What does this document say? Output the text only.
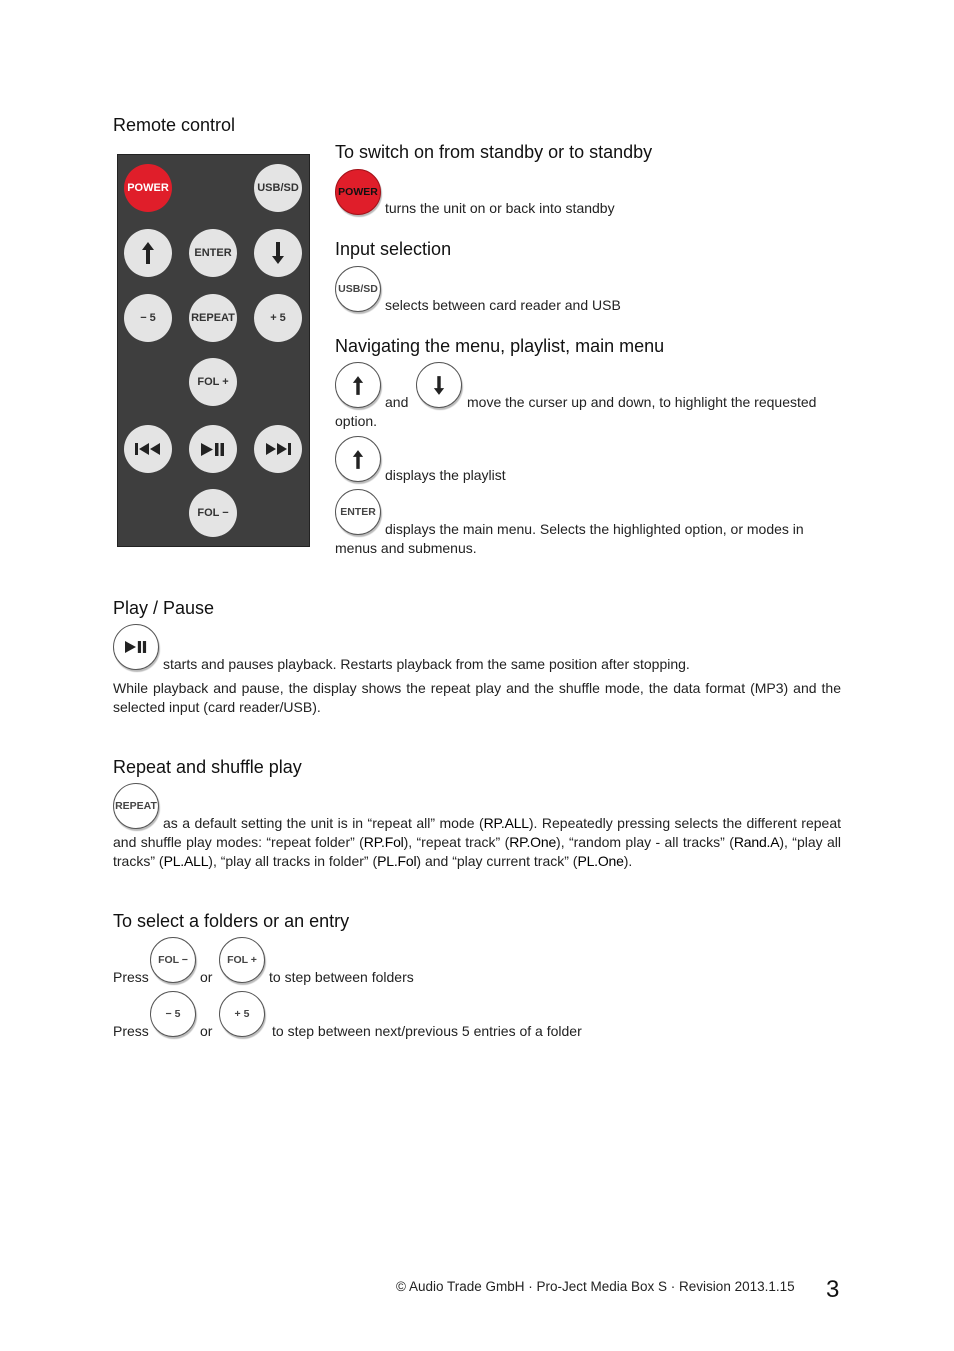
Remote control
POWER	USB/SD
ENTER
− 5	REPEAT	+ 5
FOL +
FOL −
To switch on from standby or to standby
POWER
turns the unit on or back into standby
Input selection
USB/SD
selects between card reader and USB
Navigating the menu, playlist, main menu
and	move the curser up and down, to highlight the requested
option.
displays the playlist
ENTER
displays the main menu. Selects the highlighted option, or modes in menus and submenus.
Play / Pause
starts and pauses playback. Restarts playback from the same position after stopping.
While playback and pause, the display shows the repeat play and the shuffle mode, the data format (MP3) and the selected input (card reader/USB).
Repeat and shuffle play
REPEAT
as a default setting the unit is in “repeat all” mode (RP.ALL). Repeatedly pressing selects the different repeat and shuffle play modes: “repeat folder” (RP.Fol), “repeat track” (RP.One), “random play - all tracks” (Rand.A), “play all tracks” (PL.ALL), “play all tracks in folder” (PL.Fol) and “play current track” (PL.One).
To select a folders or an entry
Press
FOL −
or
FOL +
to step between folders
Press
− 5
or
+ 5
to step between next/previous 5 entries of a folder
© Audio Trade GmbH · Pro-Ject Media Box S · Revision 2013.1.15 3
